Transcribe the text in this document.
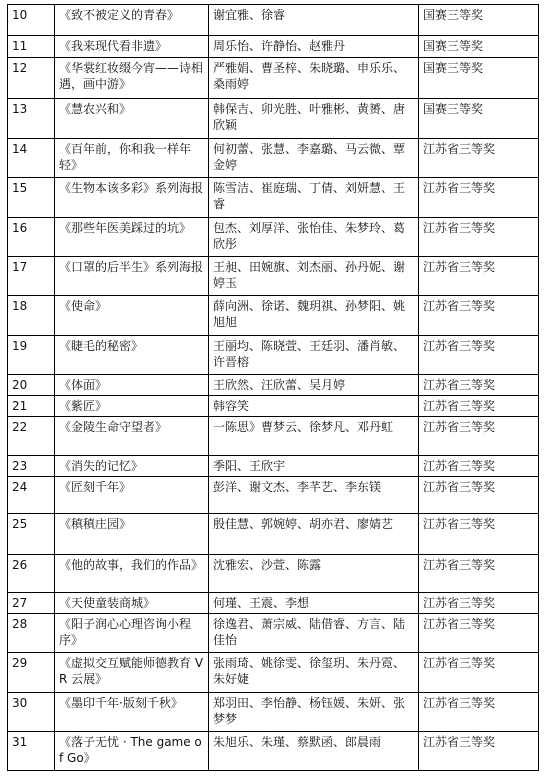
10	《致不被定义的青春》	谢宜雅、徐睿	国赛三等奖
11	《我来现代看非遗》	周乐怡、许静怡、赵雅丹	国赛三等奖
12	《华裳红妆缀今宵——诗相遇，画中游》	严雅娟、曹圣梓、朱晓璐、申乐乐、桑雨婷	国赛三等奖
13	《慧农兴和》	韩保吉、卯光胜、叶雅彬、黄赟、唐欣颖	国赛三等奖
14	《百年前，你和我一样年轻》	何初蕾、张慧、李嘉璐、马云微、覃金婷	江苏省三等奖
15	《生物本该多彩》系列海报	陈雪洁、崔庭瑞、丁倩、刘妍慧、王睿	江苏省三等奖
16	《那些年医美踩过的坑》	包杰、刘厚洋、张怡佳、朱梦玲、葛欣彤	江苏省三等奖
17	《口罩的后半生》系列海报	王昶、田婉旗、刘杰丽、孙丹妮、谢婷玉	江苏省三等奖
18	《使命》	薛向洲、徐诺、魏玥祺、孙梦阳、姚旭旭	江苏省三等奖
19	《睫毛的秘密》	王丽均、陈晓萱、王廷羽、潘肖敏、许晋榕	江苏省三等奖
20	《体面》	王欣然、汪欣蕾、吴月婷	江苏省三等奖
21	《紫匠》	韩容笑	江苏省三等奖
22	《金陵生命守望者》	一陈思》曹梦云、徐梦凡、邓丹虹	江苏省三等奖
23	《消失的记忆》	季阳、王欣宇	江苏省三等奖
24	《匠刻千年》	彭洋、谢文杰、李芊艺、李东镁	江苏省三等奖
25	《稹稹庄园》	殷佳慧、郭婉婷、胡亦君、廖婧艺	江苏省三等奖
26	《他的故事，我们的作品》	沈雅宏、沙萱、陈露	江苏省三等奖
27	《天使童装商城》	何瑾、王震、李想	江苏省三等奖
28	《阳子润心心理咨询小程序》	徐逸君、萧宗威、陆借睿、方言、陆佳怡	江苏省三等奖
29	《虚拟交互赋能师德教育 VR 云展》	张雨琦、姚徐雯、徐玺玥、朱丹霓、朱好婕	江苏省三等奖
30	《墨印千年·版刻千秋》	郑羽田、李怡静、杨钰媛、朱妍、张梦梦	江苏省三等奖
31	《落子无忧 · The game of Go》	朱旭乐、朱瑾、蔡默函、郎晨雨	江苏省三等奖
